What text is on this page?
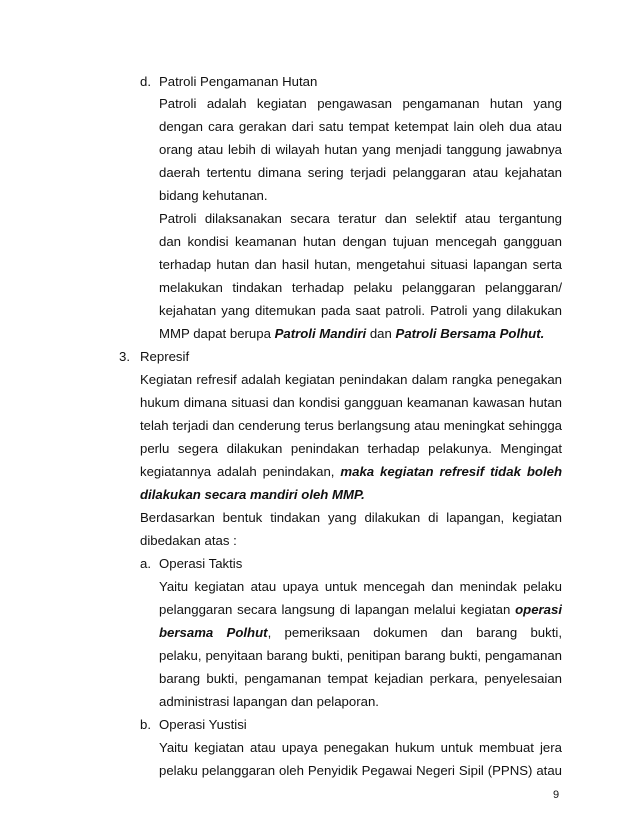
d. Patroli Pengamanan Hutan
Patroli adalah kegiatan pengawasan pengamanan hutan yang
dengan cara gerakan dari satu tempat ketempat lain oleh dua atau
orang atau lebih di wilayah hutan yang menjadi tanggung jawabnya
daerah tertentu dimana sering terjadi pelanggaran atau kejahatan
bidang kehutanan.
Patroli dilaksanakan secara teratur dan selektif atau tergantung
dan kondisi keamanan hutan dengan tujuan mencegah gangguan
terhadap hutan dan hasil hutan, mengetahui situasi lapangan serta
melakukan tindakan terhadap pelaku pelanggaran pelanggaran/
kejahatan yang ditemukan pada saat patroli. Patroli yang dilakukan
MMP dapat berupa Patroli Mandiri dan Patroli Bersama Polhut.
3. Represif
Kegiatan refresif adalah kegiatan penindakan dalam rangka penegakan
hukum dimana situasi dan kondisi gangguan keamanan kawasan hutan
telah terjadi dan cenderung terus berlangsung atau meningkat sehingga
perlu segera dilakukan penindakan terhadap pelakunya. Mengingat
kegiatannya adalah penindakan, maka kegiatan refresif tidak boleh
dilakukan secara mandiri oleh MMP.
Berdasarkan bentuk tindakan yang dilakukan di lapangan, kegiatan
dibedakan atas :
a. Operasi Taktis
Yaitu kegiatan atau upaya untuk mencegah dan menindak pelaku
pelanggaran secara langsung di lapangan melalui kegiatan operasi
bersama Polhut, pemeriksaan dokumen dan barang bukti,
pelaku, penyitaan barang bukti, penitipan barang bukti, pengamanan
barang bukti, pengamanan tempat kejadian perkara, penyelesaian
administrasi lapangan dan pelaporan.
b. Operasi Yustisi
Yaitu kegiatan atau upaya penegakan hukum untuk membuat jera
pelaku pelanggaran oleh Penyidik Pegawai Negeri Sipil (PPNS) atau
9
